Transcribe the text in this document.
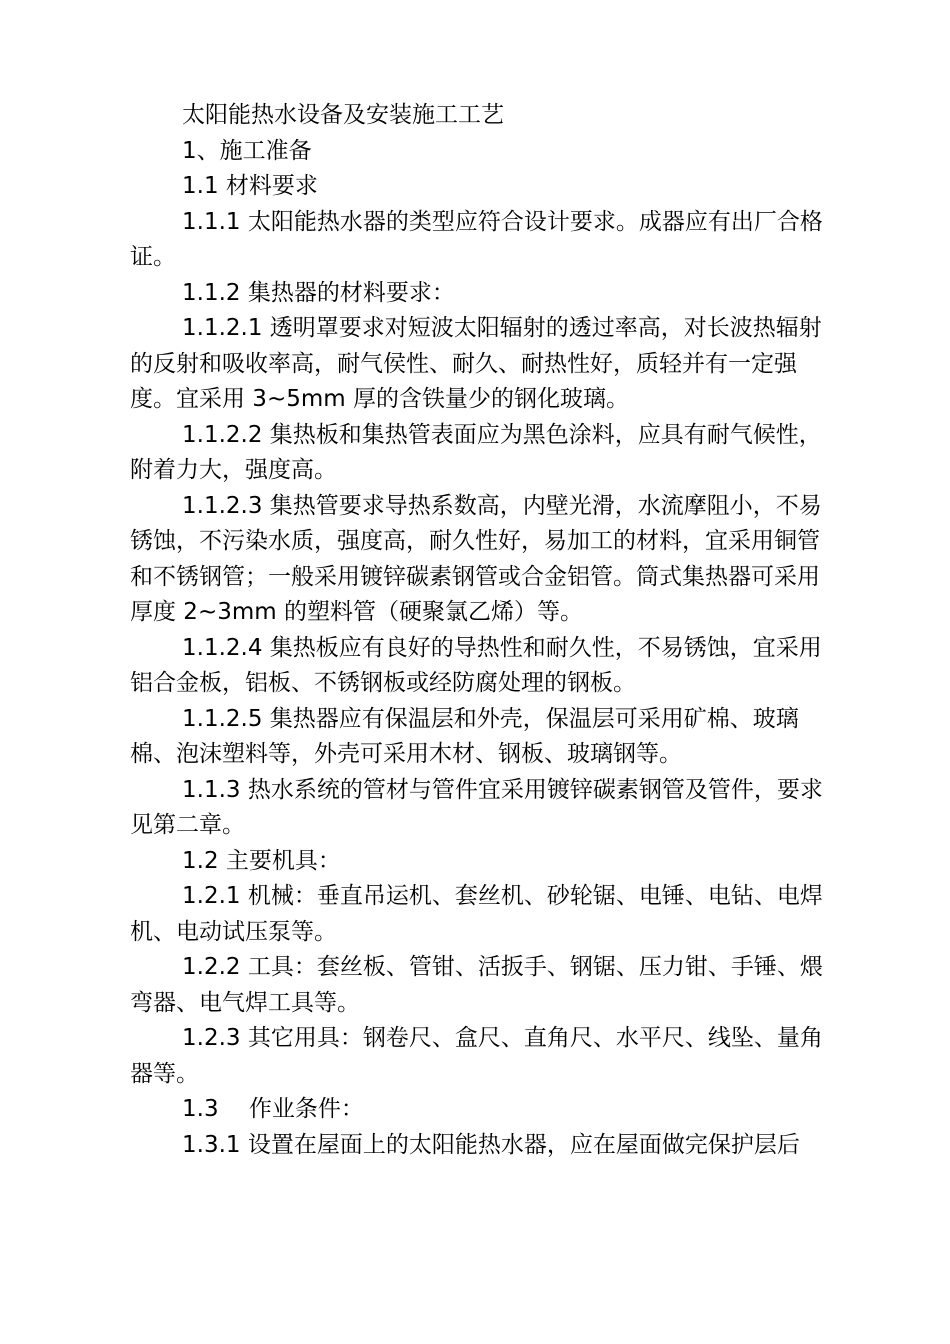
太阳能热水设备及安装施工工艺

1、施工准备

1.1 材料要求

1.1.1 太阳能热水器的类型应符合设计要求。成器应有出厂合格证。

1.1.2 集热器的材料要求：

1.1.2.1 透明罩要求对短波太阳辐射的透过率高，对长波热辐射的反射和吸收率高，耐气侯性、耐久、耐热性好，质轻并有一定强度。宜采用 3~5mm 厚的含铁量少的钢化玻璃。

1.1.2.2 集热板和集热管表面应为黑色涂料，应具有耐气候性，附着力大，强度高。

1.1.2.3 集热管要求导热系数高，内壁光滑，水流摩阻小，不易锈蚀，不污染水质，强度高，耐久性好，易加工的材料，宜采用铜管和不锈钢管；一般采用镀锌碳素钢管或合金铝管。筒式集热器可采用厚度 2~3mm 的塑料管（硬聚氯乙烯）等。

1.1.2.4 集热板应有良好的导热性和耐久性，不易锈蚀，宜采用铝合金板，铝板、不锈钢板或经防腐处理的钢板。

1.1.2.5 集热器应有保温层和外壳，保温层可采用矿棉、玻璃棉、泡沫塑料等，外壳可采用木材、钢板、玻璃钢等。

1.1.3 热水系统的管材与管件宜采用镀锌碳素钢管及管件，要求见第二章。

1.2 主要机具：

1.2.1 机械：垂直吊运机、套丝机、砂轮锯、电锤、电钻、电焊机、电动试压泵等。

1.2.2 工具：套丝板、管钳、活扳手、钢锯、压力钳、手锤、煨弯器、电气焊工具等。

1.2.3 其它用具：钢卷尺、盒尺、直角尺、水平尺、线坠、量角器等。

1.3　 作业条件：

1.3.1 设置在屋面上的太阳能热水器，应在屋面做完保护层后
